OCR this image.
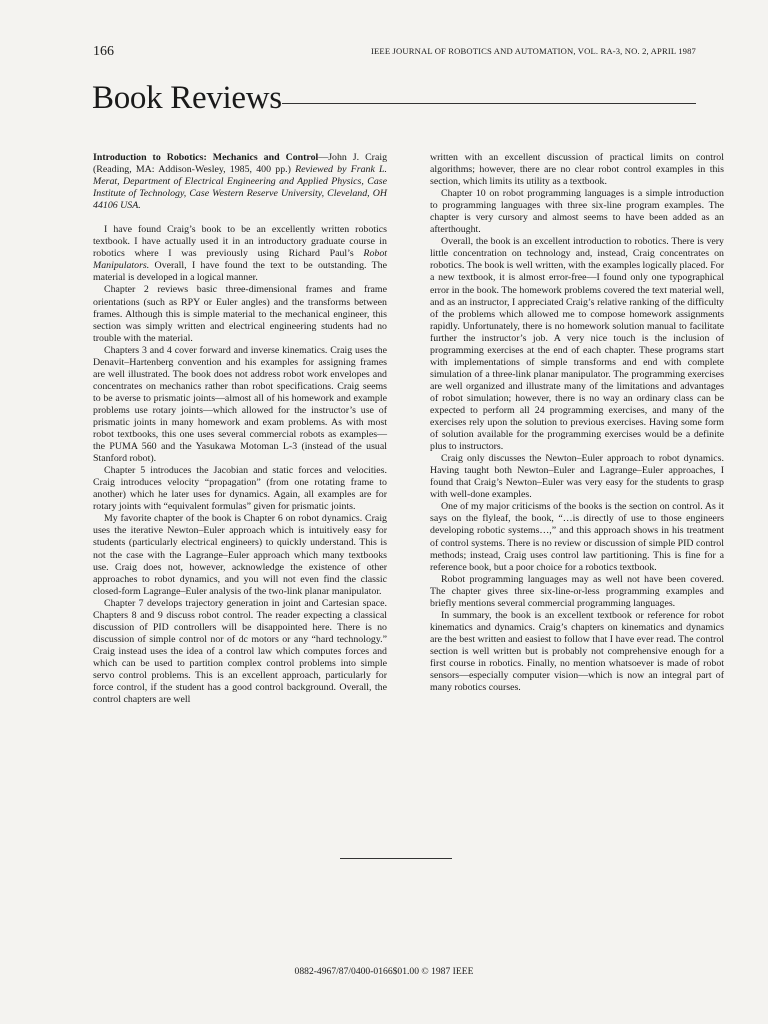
166	IEEE JOURNAL OF ROBOTICS AND AUTOMATION, VOL. RA-3, NO. 2, APRIL 1987
Book Reviews

Introduction to Robotics: Mechanics and Control—John J. Craig (Reading, MA: Addison-Wesley, 1985, 400 pp.) Reviewed by Frank L. Merat, Department of Electrical Engineering and Applied Physics, Case Institute of Technology, Case Western Reserve University, Cleveland, OH 44106 USA.

I have found Craig’s book to be an excellently written robotics textbook. I have actually used it in an introductory graduate course in robotics where I was previously using Richard Paul’s Robot Manipulators. Overall, I have found the text to be outstanding. The material is developed in a logical manner.

Chapter 2 reviews basic three-dimensional frames and frame orientations (such as RPY or Euler angles) and the transforms between frames. Although this is simple material to the mechanical engineer, this section was simply written and electrical engineering students had no trouble with the material.

Chapters 3 and 4 cover forward and inverse kinematics. Craig uses the Denavit–Hartenberg convention and his examples for assigning frames are well illustrated. The book does not address robot work envelopes and concentrates on mechanics rather than robot specifications. Craig seems to be averse to prismatic joints—almost all of his homework and example problems use rotary joints—which allowed for the instructor’s use of prismatic joints in many homework and exam problems. As with most robot textbooks, this one uses several commercial robots as examples—the PUMA 560 and the Yasukawa Motoman L-3 (instead of the usual Stanford robot).

Chapter 5 introduces the Jacobian and static forces and velocities. Craig introduces velocity “propagation” (from one rotating frame to another) which he later uses for dynamics. Again, all examples are for rotary joints with “equivalent formulas” given for prismatic joints.

My favorite chapter of the book is Chapter 6 on robot dynamics. Craig uses the iterative Newton–Euler approach which is intuitively easy for students (particularly electrical engineers) to quickly understand. This is not the case with the Lagrange–Euler approach which many textbooks use. Craig does not, however, acknowledge the existence of other approaches to robot dynamics, and you will not even find the classic closed-form Lagrange–Euler analysis of the two-link planar manipulator.

Chapter 7 develops trajectory generation in joint and Cartesian space. Chapters 8 and 9 discuss robot control. The reader expecting a classical discussion of PID controllers will be disappointed here. There is no discussion of simple control nor of dc motors or any “hard technology.” Craig instead uses the idea of a control law which computes forces and which can be used to partition complex control problems into simple servo control problems. This is an excellent approach, particularly for force control, if the student has a good control background. Overall, the control chapters are well

written with an excellent discussion of practical limits on control algorithms; however, there are no clear robot control examples in this section, which limits its utility as a textbook.

Chapter 10 on robot programming languages is a simple introduction to programming languages with three six-line program examples. The chapter is very cursory and almost seems to have been added as an afterthought.

Overall, the book is an excellent introduction to robotics. There is very little concentration on technology and, instead, Craig concentrates on robotics. The book is well written, with the examples logically placed. For a new textbook, it is almost error-free—I found only one typographical error in the book. The homework problems covered the text material well, and as an instructor, I appreciated Craig’s relative ranking of the difficulty of the problems which allowed me to compose homework assignments rapidly. Unfortunately, there is no homework solution manual to facilitate further the instructor’s job. A very nice touch is the inclusion of programming exercises at the end of each chapter. These programs start with implementations of simple transforms and end with complete simulation of a three-link planar manipulator. The programming exercises are well organized and illustrate many of the limitations and advantages of robot simulation; however, there is no way an ordinary class can be expected to perform all 24 programming exercises, and many of the exercises rely upon the solution to previous exercises. Having some form of solution available for the programming exercises would be a definite plus to instructors.

Craig only discusses the Newton–Euler approach to robot dynamics. Having taught both Newton–Euler and Lagrange–Euler approaches, I found that Craig’s Newton–Euler was very easy for the students to grasp with well-done examples.

One of my major criticisms of the books is the section on control. As it says on the flyleaf, the book, “…is directly of use to those engineers developing robotic systems…,” and this approach shows in his treatment of control systems. There is no review or discussion of simple PID control methods; instead, Craig uses control law partitioning. This is fine for a reference book, but a poor choice for a robotics textbook.

Robot programming languages may as well not have been covered. The chapter gives three six-line-or-less programming examples and briefly mentions several commercial programming languages.

In summary, the book is an excellent textbook or reference for robot kinematics and dynamics. Craig’s chapters on kinematics and dynamics are the best written and easiest to follow that I have ever read. The control section is well written but is probably not comprehensive enough for a first course in robotics. Finally, no mention whatsoever is made of robot sensors—especially computer vision—which is now an integral part of many robotics courses.

0882-4967/87/0400-0166$01.00 © 1987 IEEE
